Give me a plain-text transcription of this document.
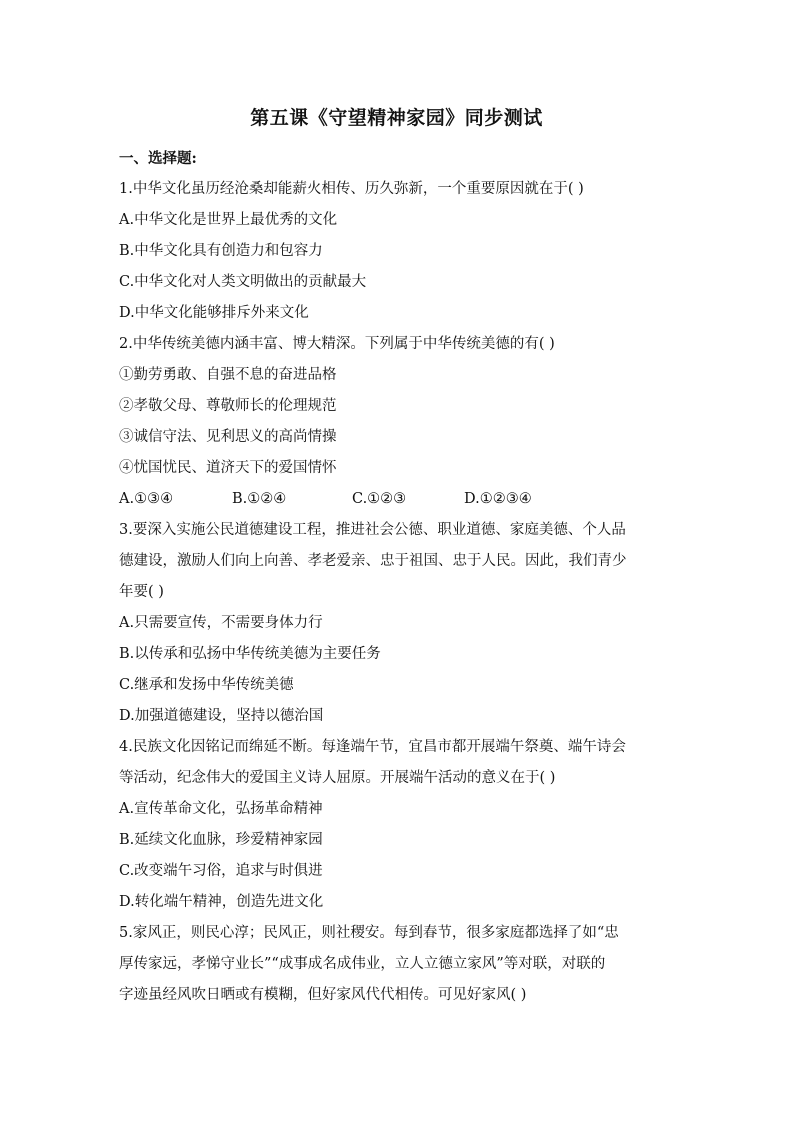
第五课《守望精神家园》同步测试
一、选择题:
1.中华文化虽历经沧桑却能薪火相传、历久弥新，一个重要原因就在于( )
A.中华文化是世界上最优秀的文化
B.中华文化具有创造力和包容力
C.中华文化对人类文明做出的贡献最大
D.中华文化能够排斥外来文化
2.中华传统美德内涵丰富、博大精深。下列属于中华传统美德的有( )
①勤劳勇敢、自强不息的奋进品格
②孝敬父母、尊敬师长的伦理规范
③诚信守法、见利思义的高尚情操
④忧国忧民、道济天下的爱国情怀
A.①③④	B.①②④	C.①②③	D.①②③④
3.要深入实施公民道德建设工程，推进社会公德、职业道德、家庭美德、个人品
德建设，激励人们向上向善、孝老爱亲、忠于祖国、忠于人民。因此，我们青少
年要( )
A.只需要宣传，不需要身体力行
B.以传承和弘扬中华传统美德为主要任务
C.继承和发扬中华传统美德
D.加强道德建设，坚持以德治国
4.民族文化因铭记而绵延不断。每逢端午节，宜昌市都开展端午祭奠、端午诗会
等活动，纪念伟大的爱国主义诗人屈原。开展端午活动的意义在于( )
A.宣传革命文化，弘扬革命精神
B.延续文化血脉，珍爱精神家园
C.改变端午习俗，追求与时俱进
D.转化端午精神，创造先进文化
5.家风正，则民心淳；民风正，则社稷安。每到春节，很多家庭都选择了如“忠
厚传家远，孝悌守业长”“成事成名成伟业，立人立德立家风”等对联，对联的
字迹虽经风吹日晒或有模糊，但好家风代代相传。可见好家风( )
